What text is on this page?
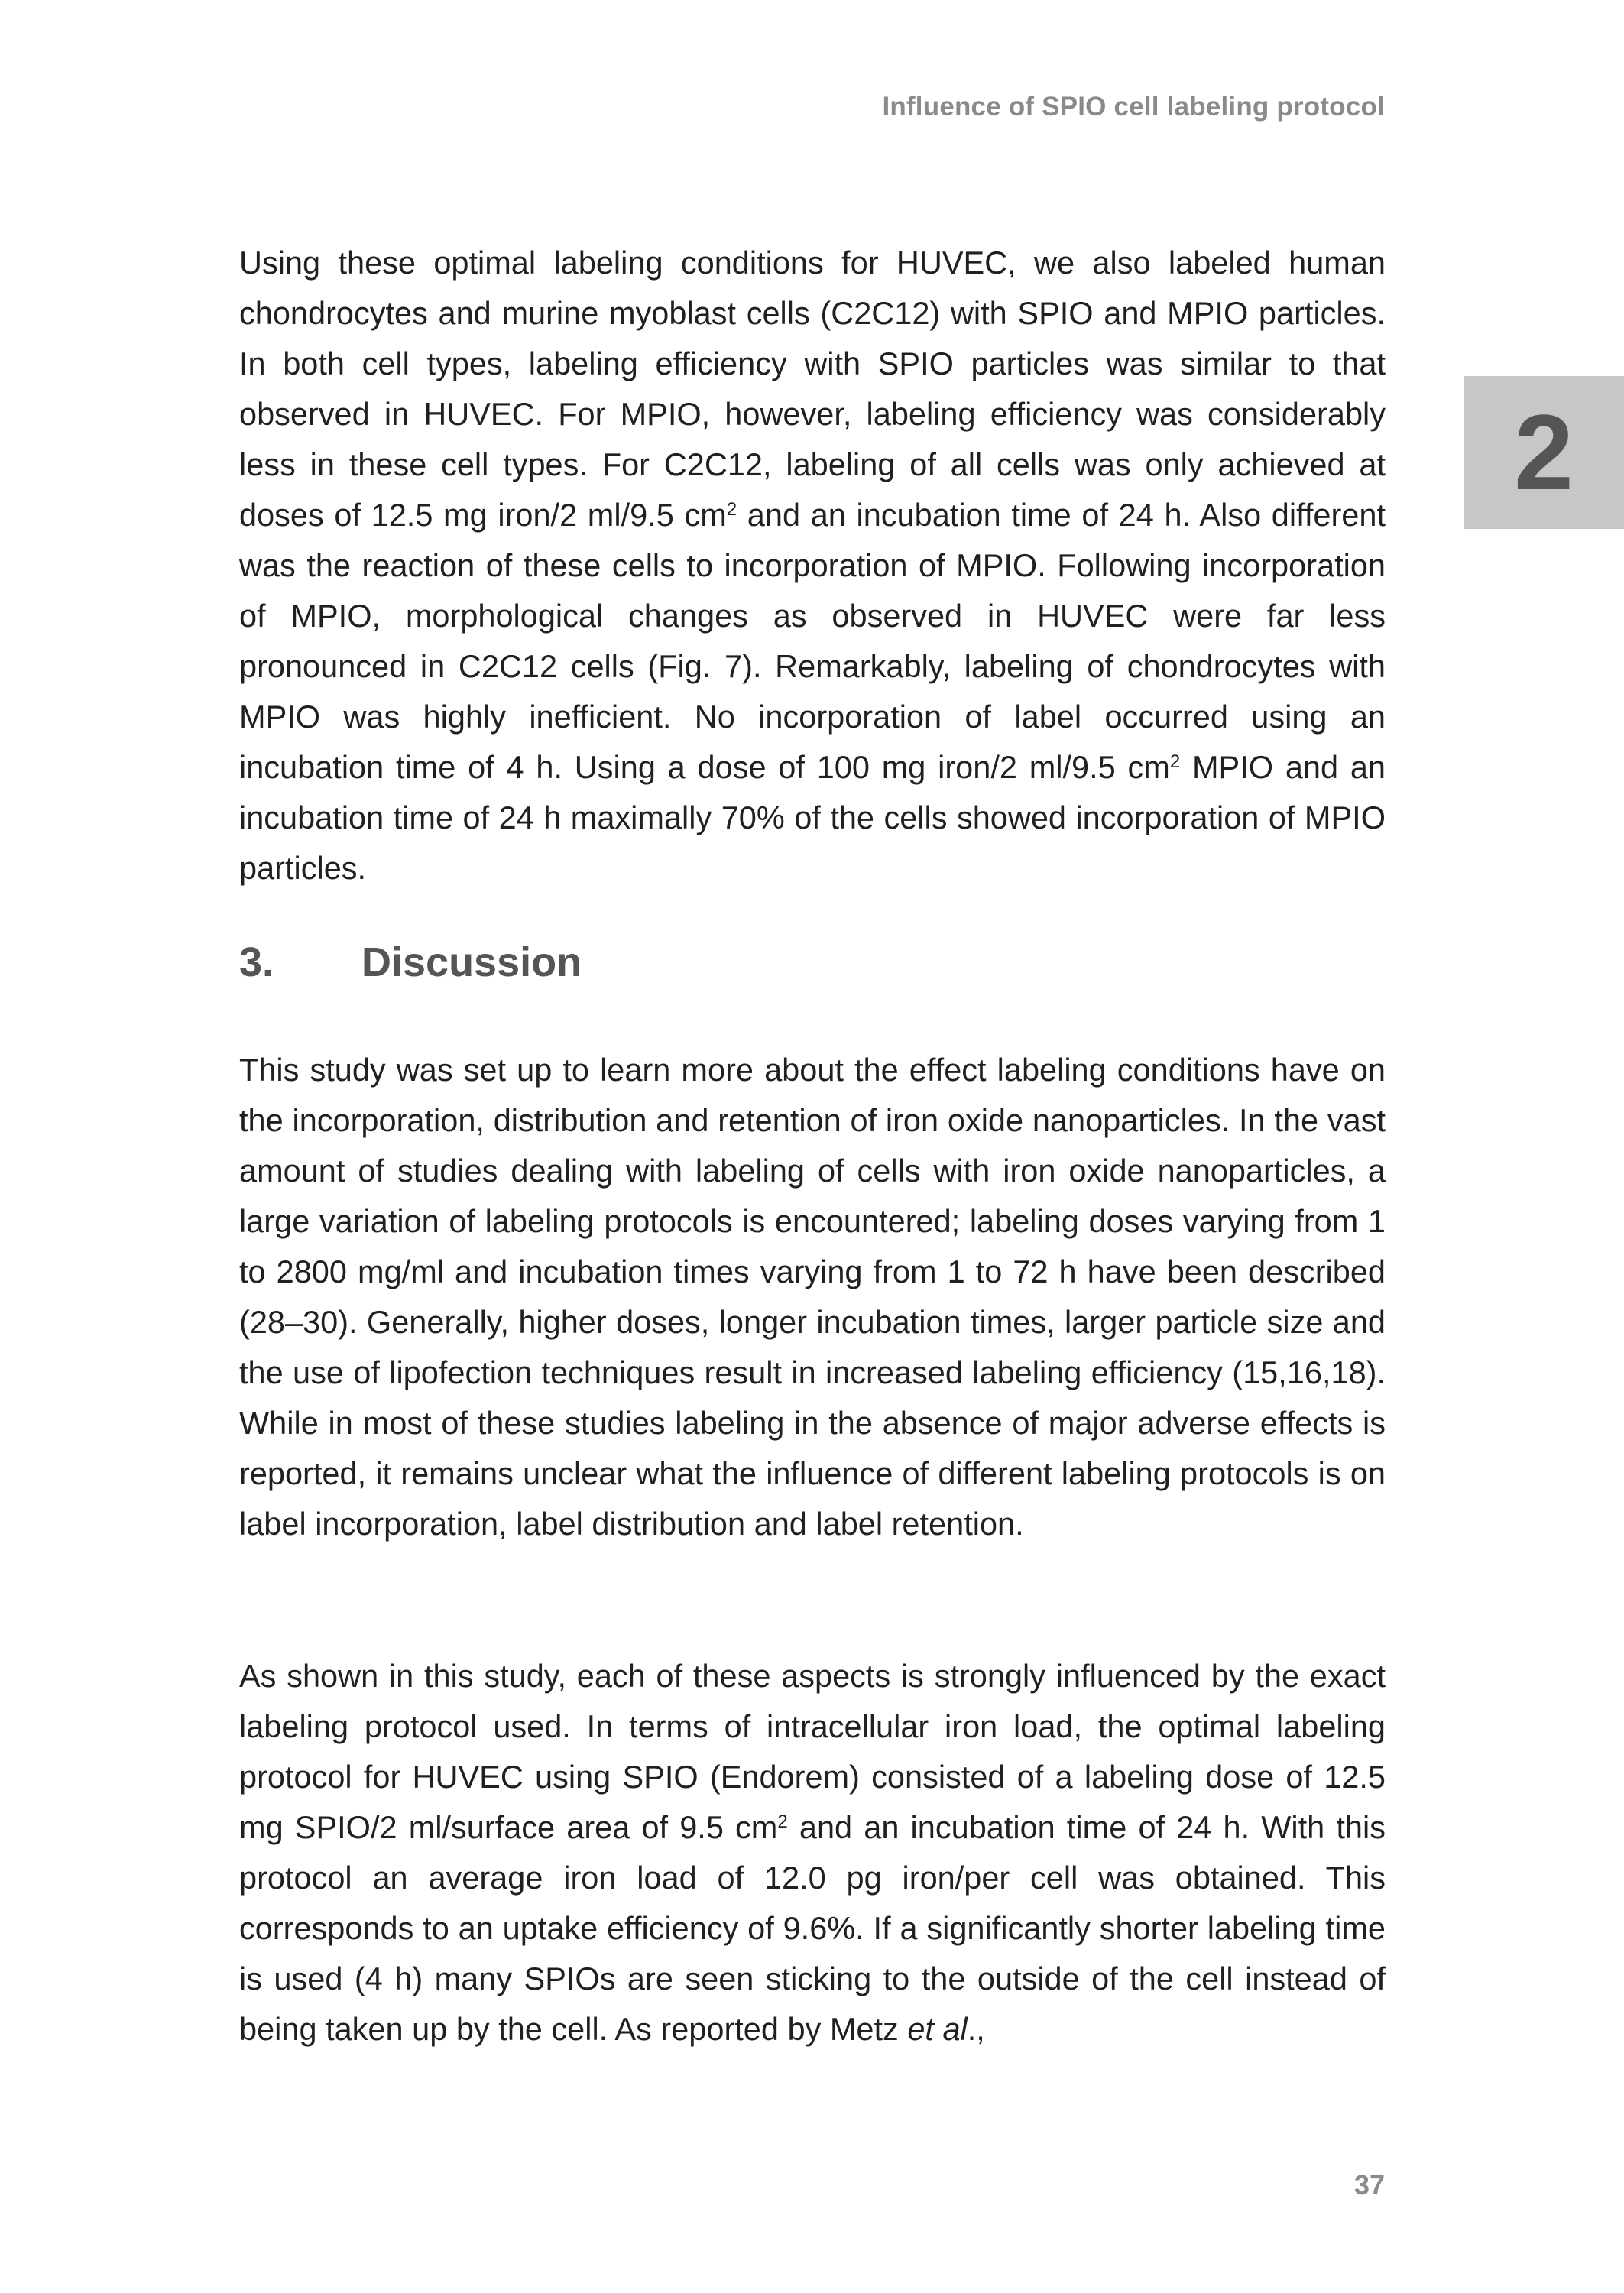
Influence of SPIO cell labeling protocol
2

Using these optimal labeling conditions for HUVEC, we also labeled human chondrocytes and murine myoblast cells (C2C12) with SPIO and MPIO particles. In both cell types, labeling efficiency with SPIO particles was similar to that observed in HUVEC. For MPIO, however, labeling efficiency was considerably less in these cell types. For C2C12, labeling of all cells was only achieved at doses of 12.5 mg iron/2 ml/9.5 $cm^2$ and an incubation time of 24 h. Also different was the reaction of these cells to incorporation of MPIO. Following incorporation of MPIO, morphological changes as observed in HUVEC were far less pronounced in C2C12 cells (Fig. 7). Remarkably, labeling of chondrocytes with MPIO was highly inefficient. No incorporation of label occurred using an incubation time of 4 h. Using a dose of 100 mg iron/2 ml/9.5 $cm^2$ MPIO and an incubation time of 24 h maximally 70% of the cells showed incorporation of MPIO particles.

3.	Discussion

This study was set up to learn more about the effect labeling conditions have on the incorporation, distribution and retention of iron oxide nanoparticles. In the vast amount of studies dealing with labeling of cells with iron oxide nanoparticles, a large variation of labeling protocols is encountered; labeling doses varying from 1 to 2800 mg/ml and incubation times varying from 1 to 72 h have been described (28–30). Generally, higher doses, longer incubation times, larger particle size and the use of lipofection techniques result in increased labeling efficiency (15,16,18). While in most of these studies labeling in the absence of major adverse effects is reported, it remains unclear what the influence of different labeling protocols is on label incorporation, label distribution and label retention.

As shown in this study, each of these aspects is strongly influenced by the exact labeling protocol used. In terms of intracellular iron load, the optimal labeling protocol for HUVEC using SPIO (Endorem) consisted of a labeling dose of 12.5 mg SPIO/2 ml/surface area of 9.5 $cm^2$ and an incubation time of 24 h. With this protocol an average iron load of 12.0 pg iron/per cell was obtained. This corresponds to an uptake efficiency of 9.6%. If a significantly shorter labeling time is used (4 h) many SPIOs are seen sticking to the outside of the cell instead of being taken up by the cell. As reported by Metz et al.,

37
